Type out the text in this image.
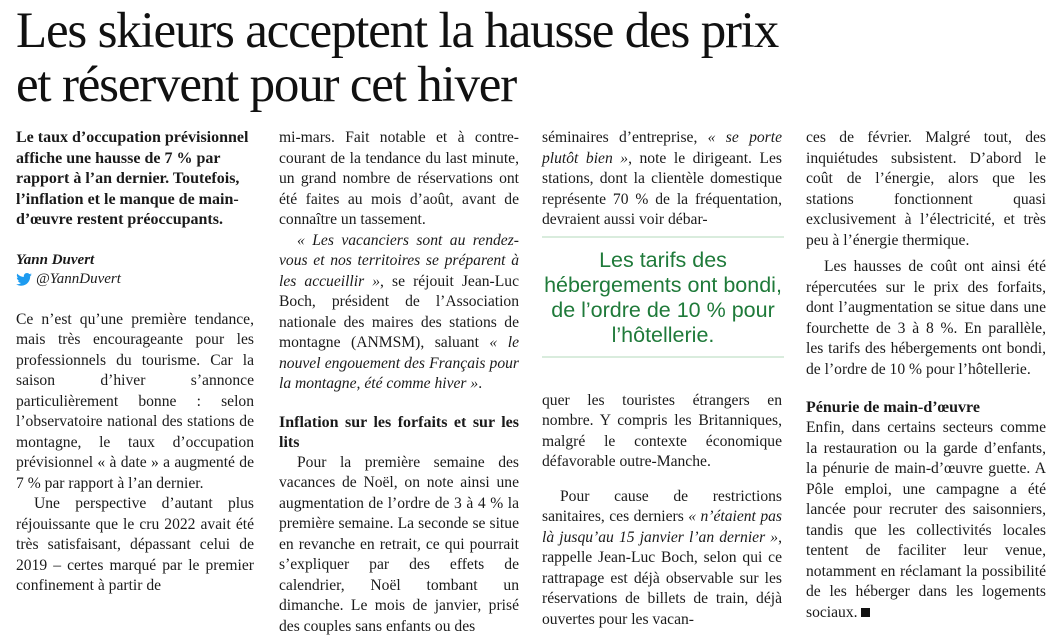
Les skieurs acceptent la hausse des prix
et réservent pour cet hiver

Le taux d’occupation prévisionnel affiche une hausse de 7 % par rapport à l’an dernier. Toutefois, l’inflation et le manque de main-d’œuvre restent préoccupants.

Yann Duvert
@YannDuvert

Ce n’est qu’une première tendance, mais très encourageante pour les professionnels du tourisme. Car la saison d’hiver s’annonce particulièrement bonne : selon l’observatoire national des stations de montagne, le taux d’occupation prévisionnel « à date » a augmenté de 7 % par rapport à l’an dernier.

Une perspective d’autant plus réjouissante que le cru 2022 avait été très satisfaisant, dépassant celui de 2019 – certes marqué par le premier confinement à partir de

mi-mars. Fait notable et à contre-courant de la tendance du last minute, un grand nombre de réservations ont été faites au mois d’août, avant de connaître un tassement.

« Les vacanciers sont au rendez-vous et nos territoires se préparent à les accueillir », se réjouit Jean-Luc Boch, président de l’Association nationale des maires des stations de montagne (ANMSM), saluant « le nouvel engouement des Français pour la montagne, été comme hiver ».

Inflation sur les forfaits et sur les lits

Pour la première semaine des vacances de Noël, on note ainsi une augmentation de l’ordre de 3 à 4 % la première semaine. La seconde se situe en revanche en retrait, ce qui pourrait s’expliquer par des effets de calendrier, Noël tombant un dimanche. Le mois de janvier, prisé des couples sans enfants ou des

séminaires d’entreprise, « se porte plutôt bien », note le dirigeant. Les stations, dont la clientèle domestique représente 70 % de la fréquentation, devraient aussi voir débar-

quer les touristes étrangers en nombre. Y compris les Britanniques, malgré le contexte économique défavorable outre-Manche.

Pour cause de restrictions sanitaires, ces derniers « n’étaient pas là jusqu’au 15 janvier l’an dernier », rappelle Jean-Luc Boch, selon qui ce rattrapage est déjà observable sur les réservations de billets de train, déjà ouvertes pour les vacan-

Les tarifs des hébergements ont bondi, de l’ordre de 10 % pour l’hôtellerie.

ces de février. Malgré tout, des inquiétudes subsistent. D’abord le coût de l’énergie, alors que les stations fonctionnent quasi exclusivement à l’électricité, et très peu à l’énergie thermique.

Les hausses de coût ont ainsi été répercutées sur le prix des forfaits, dont l’augmentation se situe dans une fourchette de 3 à 8 %. En parallèle, les tarifs des hébergements ont bondi, de l’ordre de 10 % pour l’hôtellerie.

Pénurie de main-d’œuvre

Enfin, dans certains secteurs comme la restauration ou la garde d’enfants, la pénurie de main-d’œuvre guette. A Pôle emploi, une campagne a été lancée pour recruter des saisonniers, tandis que les collectivités locales tentent de faciliter leur venue, notamment en réclamant la possibilité de les héberger dans les logements sociaux.
